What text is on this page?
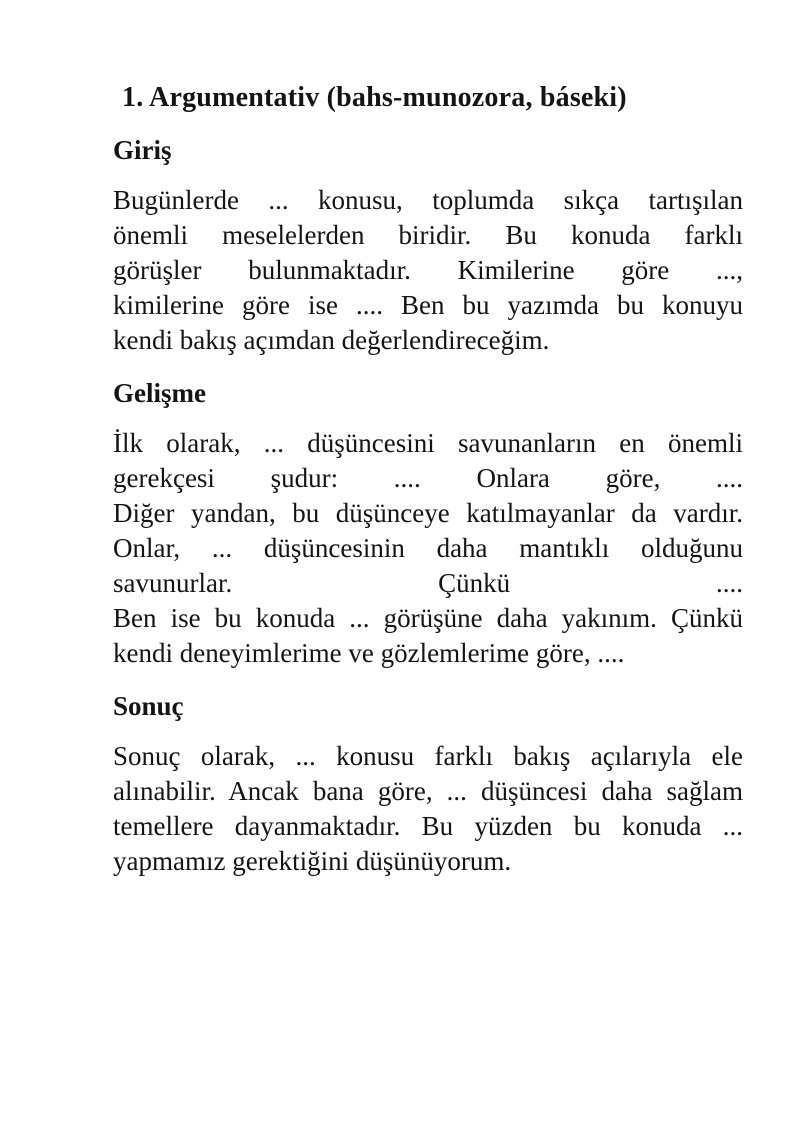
1. Argumentativ (bahs-munozora, báseki)
Giriş
Bugünlerde ... konusu, toplumda sıkça tartışılan
önemli meselelerden biridir. Bu konuda farklı
görüşler bulunmaktadır. Kimilerine göre ...,
kimilerine göre ise .... Ben bu yazımda bu konuyu
kendi bakış açımdan değerlendireceğim.
Gelişme
İlk olarak, ... düşüncesini savunanların en önemli
gerekçesi şudur: .... Onlara göre, ....
Diğer yandan, bu düşünceye katılmayanlar da vardır.
Onlar, ... düşüncesinin daha mantıklı olduğunu
savunurlar. Çünkü ....
Ben ise bu konuda ... görüşüne daha yakınım. Çünkü
kendi deneyimlerime ve gözlemlerime göre, ....
Sonuç
Sonuç olarak, ... konusu farklı bakış açılarıyla ele
alınabilir. Ancak bana göre, ... düşüncesi daha sağlam
temellere dayanmaktadır. Bu yüzden bu konuda ...
yapmamız gerektiğini düşünüyorum.
